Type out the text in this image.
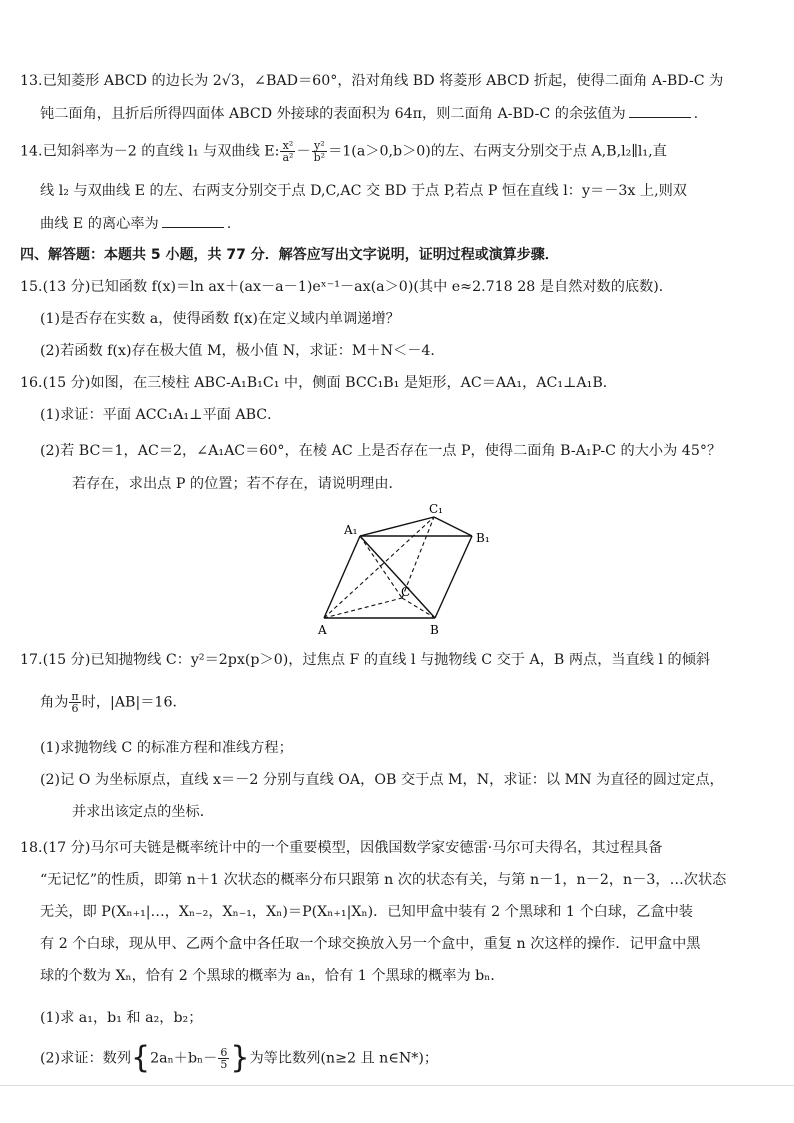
13.已知菱形 ABCD 的边长为 2√3，∠BAD＝60°，沿对角线 BD 将菱形 ABCD 折起，使得二面角 A-BD-C 为
钝二面角，且折后所得四面体 ABCD 外接球的表面积为 64π，则二面角 A-BD-C 的余弦值为	.
14.已知斜率为－2 的直线 l₁ 与双曲线 E: $\frac{\text{x²}}{\text{a²}} - \frac{\text{y²}}{\text{b²}} =1(a>0,b>0)$的左、右两支分别交于点 A,B,l₂∥l₁,直
线 l₂ 与双曲线 E 的左、右两支分别交于点 D,C,AC 交 BD 于点 P,若点 P 恒在直线 l：y＝－3x 上,则双
曲线 E 的离心率为	.
四、解答题：本题共 5 小题，共 77 分．解答应写出文字说明，证明过程或演算步骤．
15.(13 分)已知函数 f(x)＝ln ax＋(ax－a－1)eˣ⁻¹－ax(a＞0)(其中 e≈2.718 28 是自然对数的底数)．
(1)是否存在实数 a，使得函数 f(x)在定义域内单调递增？
(2)若函数 f(x)存在极大值 M，极小值 N，求证：M＋N＜－4．
16.(15 分)如图，在三棱柱 ABC-A₁B₁C₁ 中，侧面 BCC₁B₁ 是矩形，AC＝AA₁，AC₁⊥A₁B．
(1)求证：平面 ACC₁A₁⊥平面 ABC．
(2)若 BC＝1，AC＝2，∠A₁AC＝60°，在棱 AC 上是否存在一点 P，使得二面角 B-A₁P-C 的大小为 45°？
若存在，求出点 P 的位置；若不存在，请说明理由．
A₁
C₁
B₁
A	B
C
17.(15 分)已知抛物线 C：y²＝2px(p＞0)，过焦点 F 的直线 l 与抛物线 C 交于 A，B 两点，当直线 l 的倾斜
角为 $\frac{\pi}{6}$ 时，|AB|＝16．
(1)求抛物线 C 的标准方程和准线方程；
(2)记 O 为坐标原点，直线 x＝－2 分别与直线 OA，OB 交于点 M，N，求证：以 MN 为直径的圆过定点，
并求出该定点的坐标．
18.(17 分)马尔可夫链是概率统计中的一个重要模型，因俄国数学家安德雷·马尔可夫得名，其过程具备
“无记忆”的性质，即第 n＋1 次状态的概率分布只跟第 n 次的状态有关，与第 n－1，n－2，n－3，…次状态
无关，即 P(Xₙ₊₁|…，Xₙ₋₂，Xₙ₋₁，Xₙ)＝P(Xₙ₊₁|Xₙ)．已知甲盒中装有 2 个黑球和 1 个白球，乙盒中装
有 2 个白球，现从甲、乙两个盒中各任取一个球交换放入另一个盒中，重复 n 次这样的操作．记甲盒中黑
球的个数为 Xₙ，恰有 2 个黑球的概率为 aₙ，恰有 1 个黑球的概率为 bₙ．
(1)求 a₁，b₁ 和 a₂，b₂；
(2)求证：数列{$2a_n+b_n- \frac{6}{5}$ }为等比数列(n≥2 且 n∈N*)；
